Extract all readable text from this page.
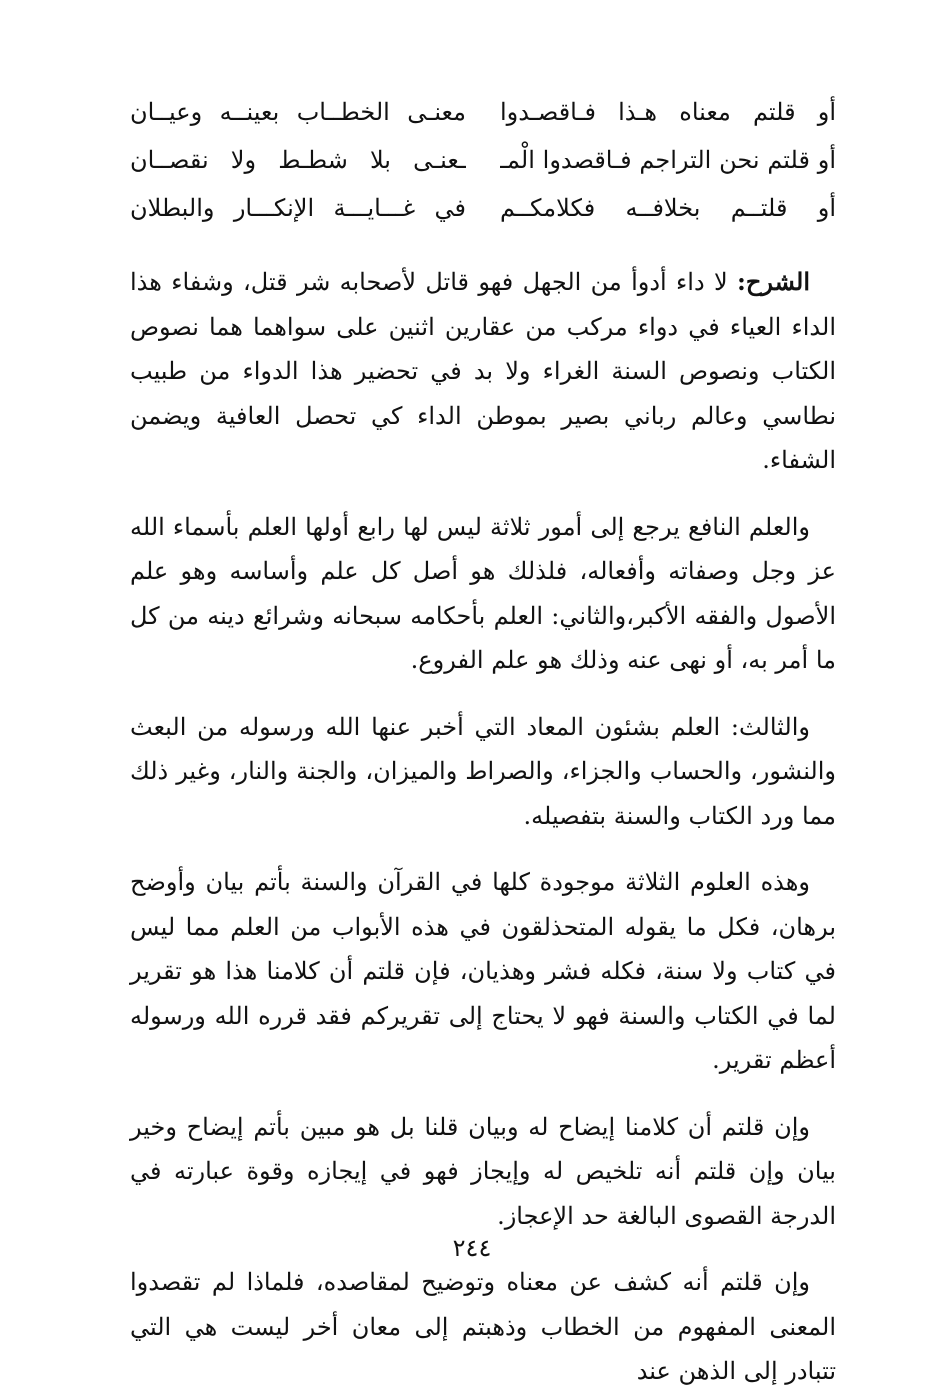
أو قلتم معناه هـذا فـاقصـدوا
معنـى الخطــاب بعينــه وعيــان
أو قلتم نحن التراجم فـاقصدوا الْمـ
ـعنـى بلا شطـط ولا نقصــان
أو قلتــم بخلافــه فكلامكــم
في غـــايـــة الإنكـــار والبطلان

الشرح: لا داء أدوأ من الجهل فهو قاتل لأصحابه شر قتل، وشفاء هذا الداء العياء في دواء مركب من عقارين اثنين على سواهما هما نصوص الكتاب ونصوص السنة الغراء ولا بد في تحضير هذا الدواء من طبيب نطاسي وعالم رباني بصير بموطن الداء كي تحصل العافية ويضمن الشفاء.

والعلم النافع يرجع إلى أمور ثلاثة ليس لها رابع أولها العلم بأسماء الله عز وجل وصفاته وأفعاله، فلذلك هو أصل كل علم وأساسه وهو علم الأصول والفقه الأكبر،والثاني: العلم بأحكامه سبحانه وشرائع دينه من كل ما أمر به، أو نهى عنه وذلك هو علم الفروع.

والثالث: العلم بشئون المعاد التي أخبر عنها الله ورسوله من البعث والنشور، والحساب والجزاء، والصراط والميزان، والجنة والنار، وغير ذلك مما ورد الكتاب والسنة بتفصيله.

وهذه العلوم الثلاثة موجودة كلها في القرآن والسنة بأتم بيان وأوضح برهان، فكل ما يقوله المتحذلقون في هذه الأبواب من العلم مما ليس في كتاب ولا سنة، فكله فشر وهذيان، فإن قلتم أن كلامنا هذا هو تقرير لما في الكتاب والسنة فهو لا يحتاج إلى تقريركم فقد قرره الله ورسوله أعظم تقرير.

وإن قلتم أن كلامنا إيضاح له وبيان قلنا بل هو مبين بأتم إيضاح وخير بيان وإن قلتم أنه تلخيص له وإيجاز فهو في إيجازه وقوة عبارته في الدرجة القصوى البالغة حد الإعجاز.

وإن قلتم أنه كشف عن معناه وتوضيح لمقاصده، فلماذا لم تقصدوا المعنى المفهوم من الخطاب وذهبتم إلى معان أخر ليست هي التي تتبادر إلى الذهن عند

٢٤٤
